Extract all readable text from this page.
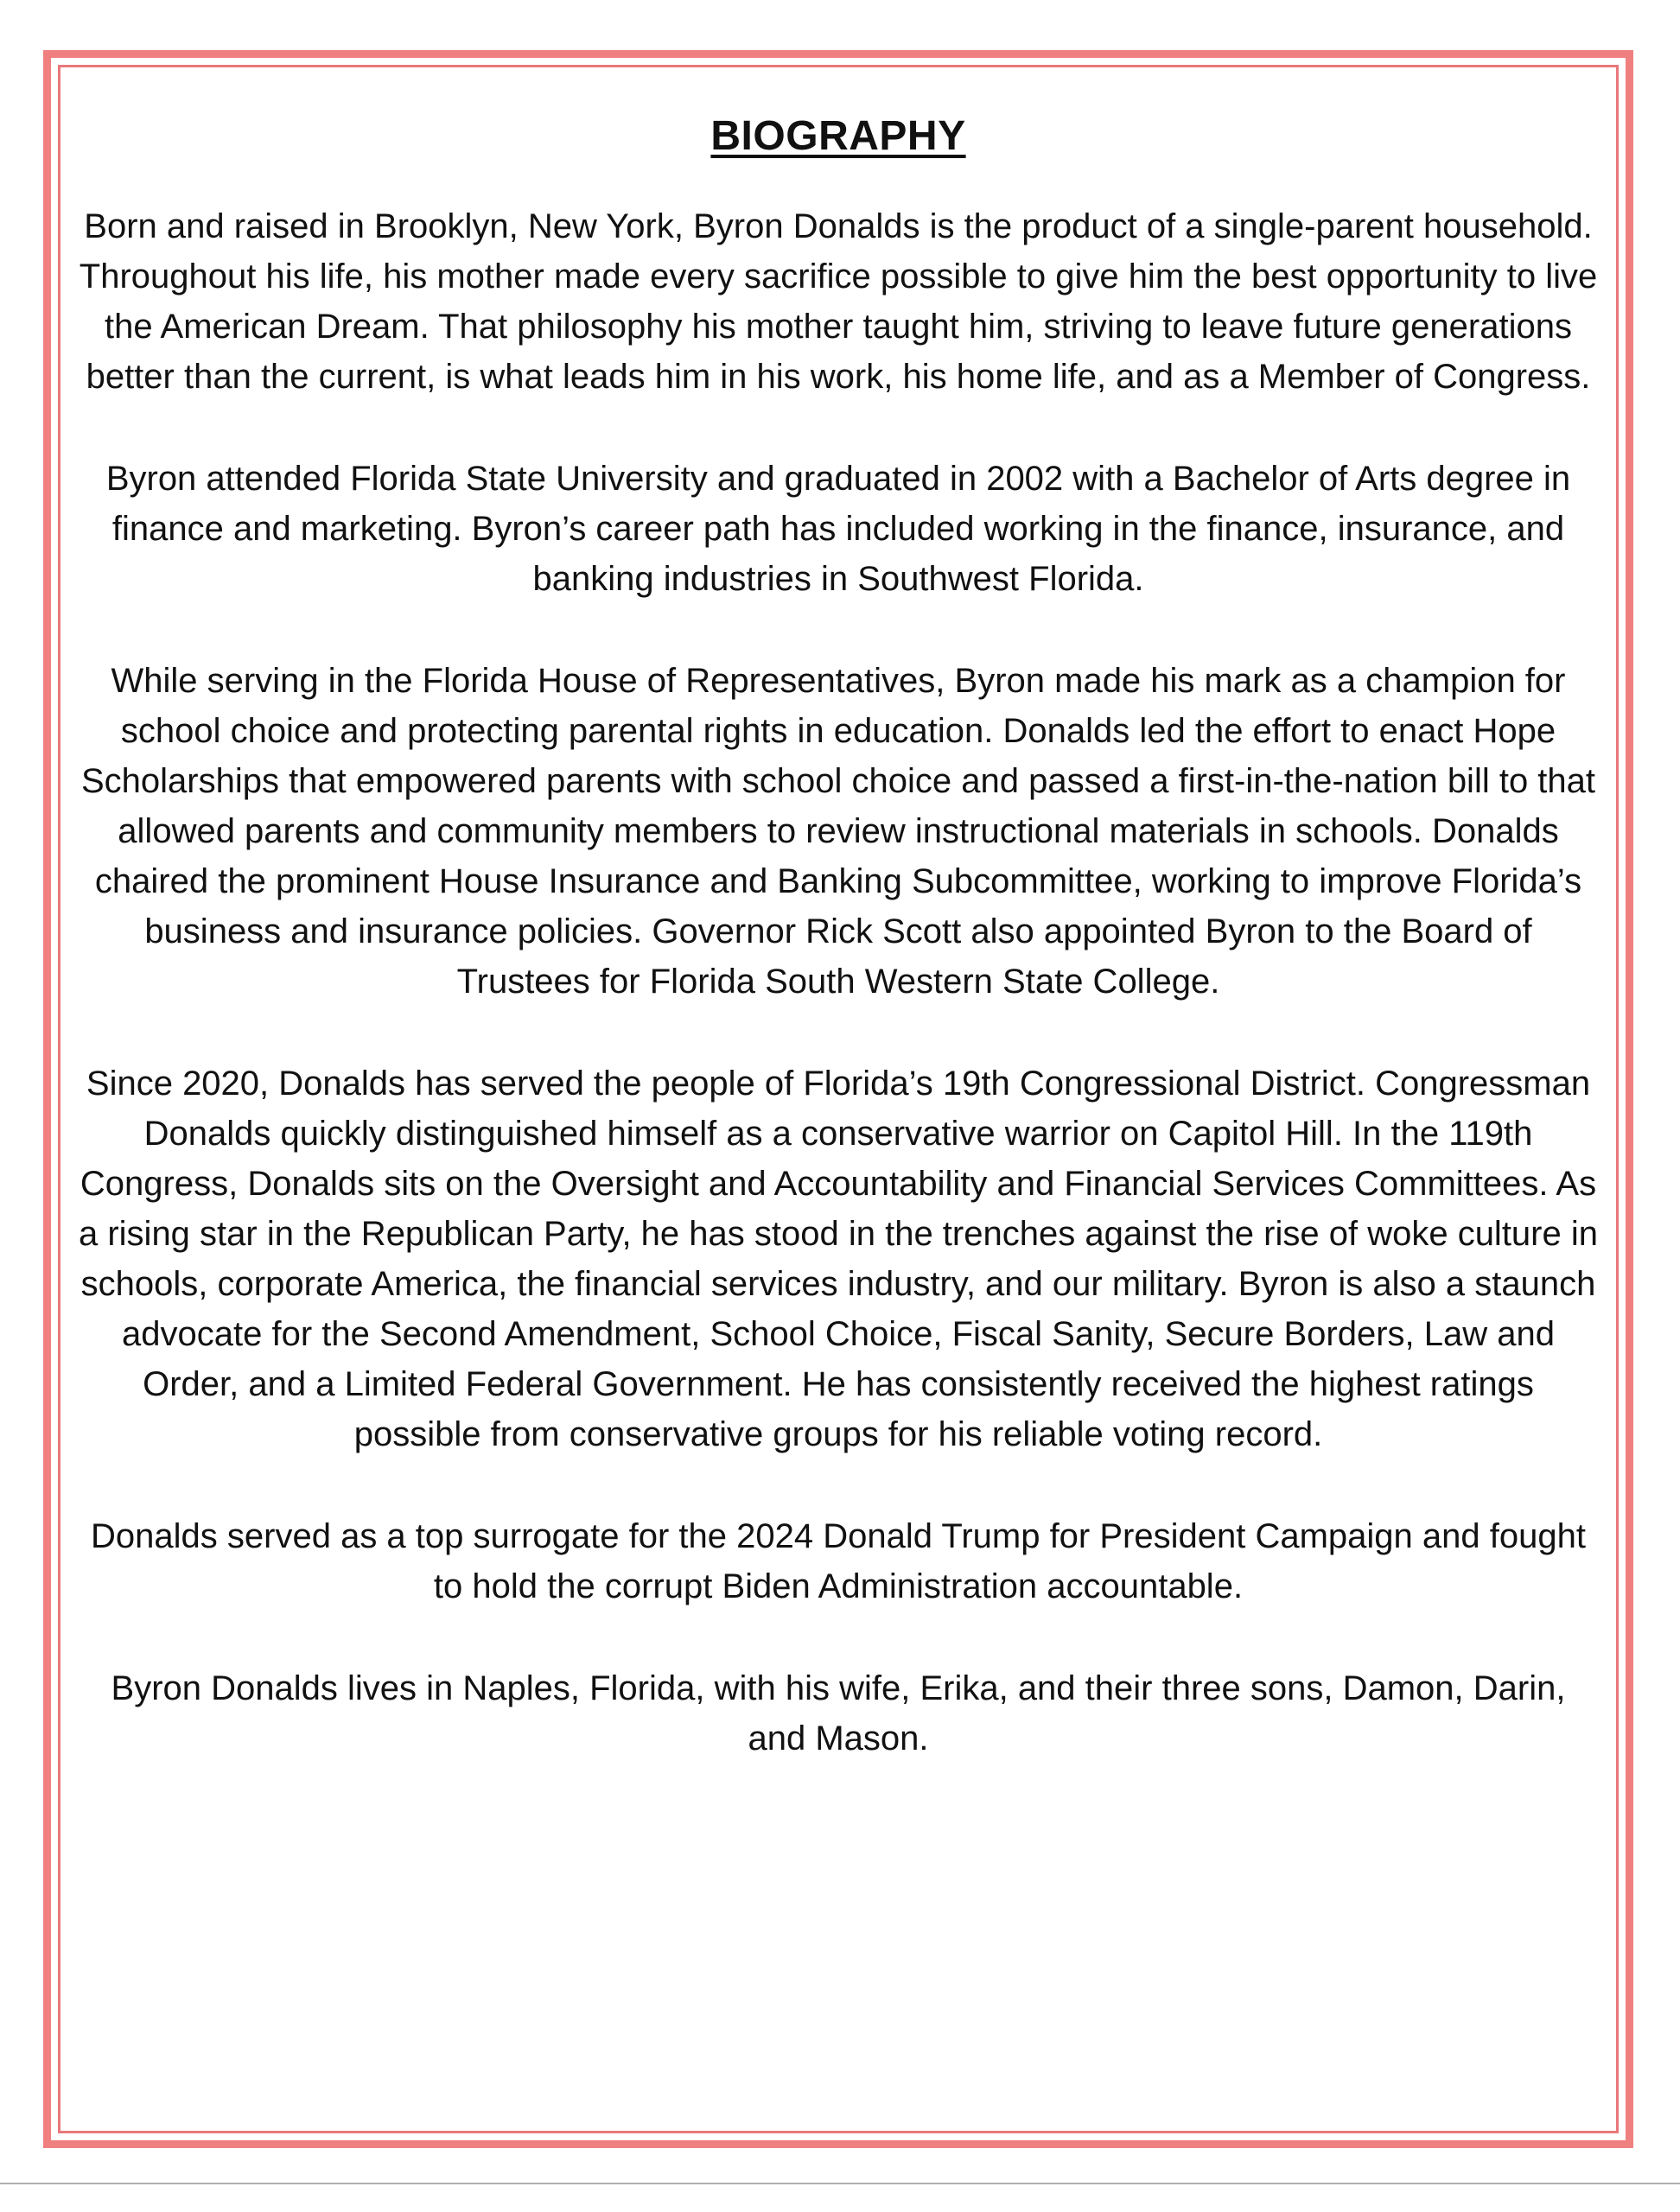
BIOGRAPHY

Born and raised in Brooklyn, New York, Byron Donalds is the product of a single-parent household. Throughout his life, his mother made every sacrifice possible to give him the best opportunity to live the American Dream. That philosophy his mother taught him, striving to leave future generations better than the current, is what leads him in his work, his home life, and as a Member of Congress.

Byron attended Florida State University and graduated in 2002 with a Bachelor of Arts degree in finance and marketing. Byron’s career path has included working in the finance, insurance, and banking industries in Southwest Florida.

While serving in the Florida House of Representatives, Byron made his mark as a champion for school choice and protecting parental rights in education. Donalds led the effort to enact Hope Scholarships that empowered parents with school choice and passed a first-in-the-nation bill to that allowed parents and community members to review instructional materials in schools. Donalds chaired the prominent House Insurance and Banking Subcommittee, working to improve Florida’s business and insurance policies. Governor Rick Scott also appointed Byron to the Board of Trustees for Florida South Western State College.

Since 2020, Donalds has served the people of Florida’s 19th Congressional District. Congressman Donalds quickly distinguished himself as a conservative warrior on Capitol Hill. In the 119th Congress, Donalds sits on the Oversight and Accountability and Financial Services Committees. As a rising star in the Republican Party, he has stood in the trenches against the rise of woke culture in schools, corporate America, the financial services industry, and our military. Byron is also a staunch advocate for the Second Amendment, School Choice, Fiscal Sanity, Secure Borders, Law and Order, and a Limited Federal Government. He has consistently received the highest ratings possible from conservative groups for his reliable voting record.

Donalds served as a top surrogate for the 2024 Donald Trump for President Campaign and fought to hold the corrupt Biden Administration accountable.

Byron Donalds lives in Naples, Florida, with his wife, Erika, and their three sons, Damon, Darin, and Mason.
